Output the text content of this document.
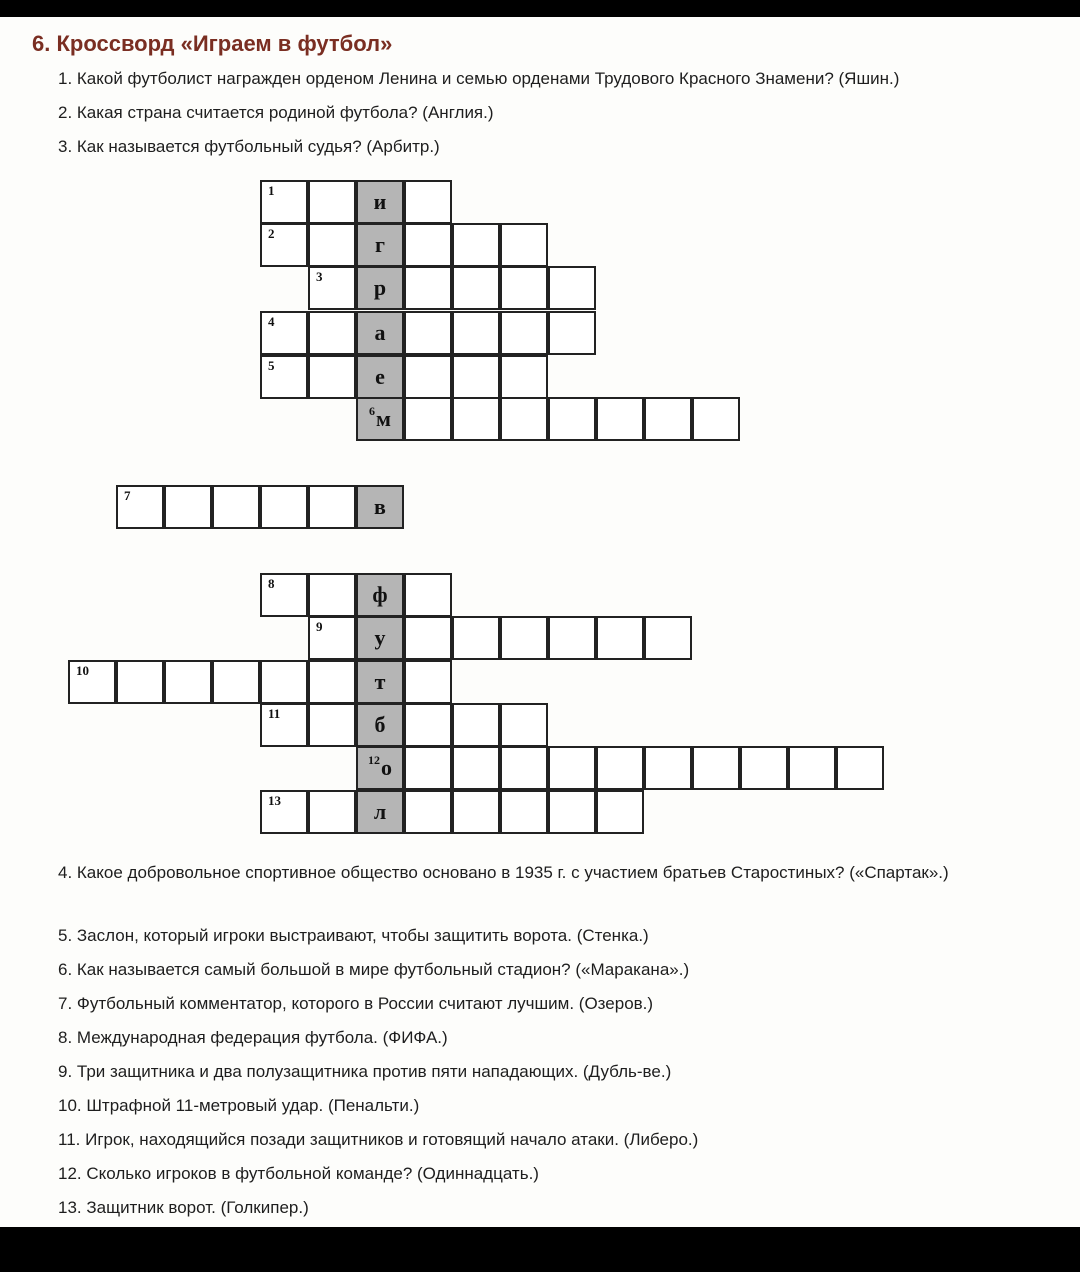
6. Кроссворд «Играем в футбол»
1. Какой футболист награжден орденом Ленина и семью орденами Трудового Красного Знамени? (Яшин.)
2. Какая страна считается родиной футбола? (Англия.)
3. Как называется футбольный судья? (Арбитр.)
1	и
2	г
3 р
4	а
5	е
6 м
7	в
8	ф
9 у
10	т
11	б
12 о
13	л
4. Какое добровольное спортивное общество основано в 1935 г. с участием братьев Старостиных? («Спартак».)
5. Заслон, который игроки выстраивают, чтобы защитить ворота. (Стенка.)
6. Как называется самый большой в мире футбольный стадион? («Маракана».)
7. Футбольный комментатор, которого в России считают лучшим. (Озеров.)
8. Международная федерация футбола. (ФИФА.)
9. Три защитника и два полузащитника против пяти нападающих. (Дубль-ве.)
10. Штрафной 11-метровый удар. (Пенальти.)
11. Игрок, находящийся позади защитников и готовящий начало атаки. (Либеро.)
12. Сколько игроков в футбольной команде? (Одиннадцать.)
13. Защитник ворот. (Голкипер.)
